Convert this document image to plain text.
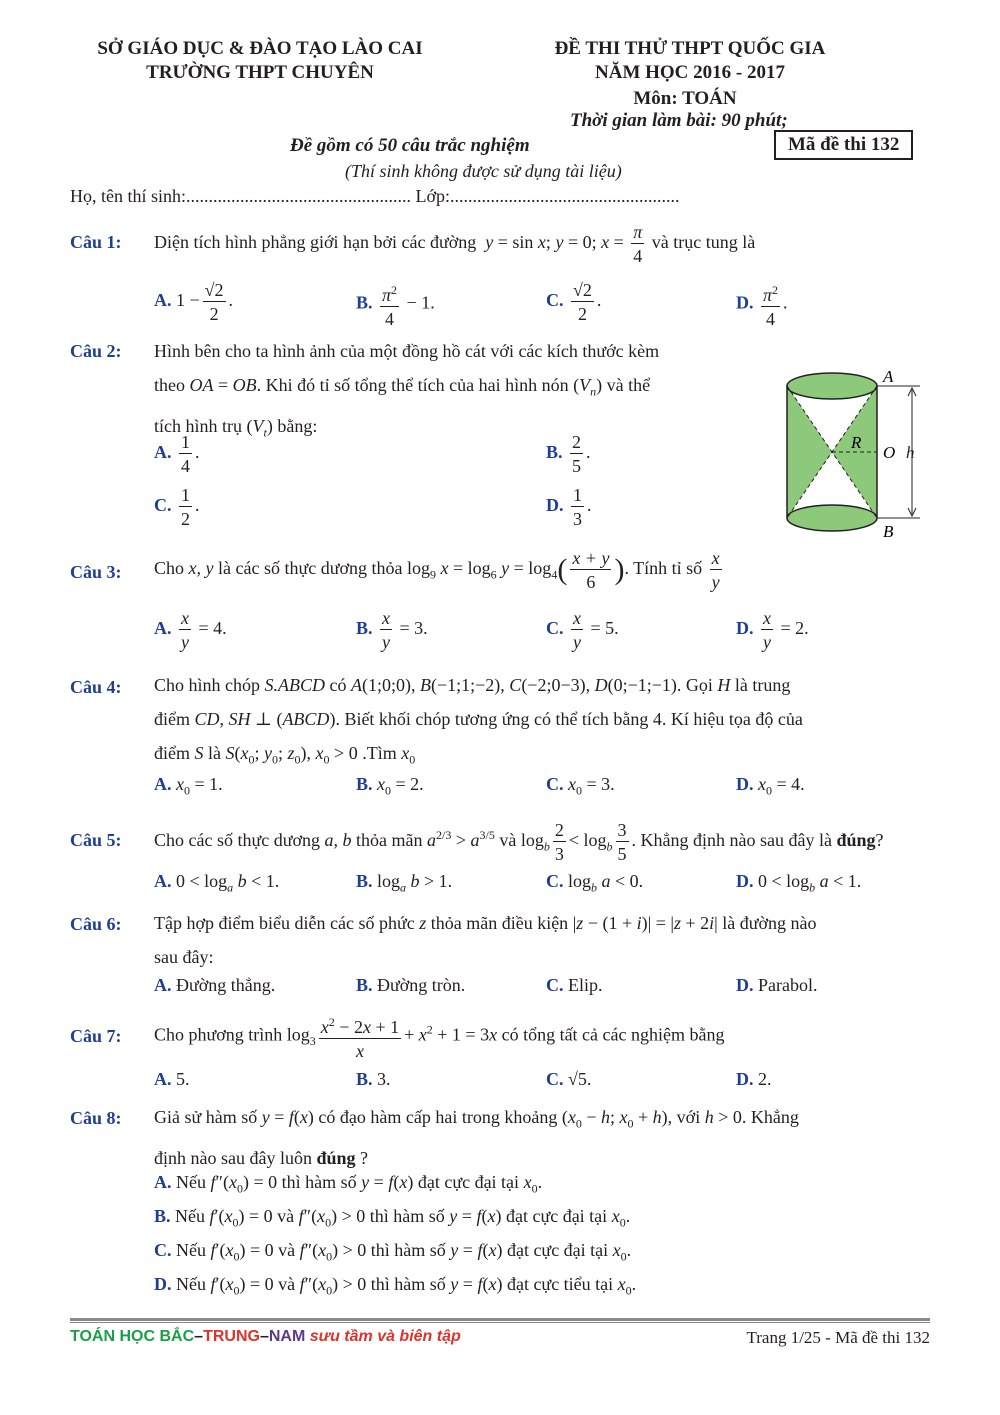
SỞ GIÁO DỤC & ĐÀO TẠO LÀO CAI
TRƯỜNG THPT CHUYÊN
ĐỀ THI THỬ THPT QUỐC GIA
NĂM HỌC 2016 - 2017
Môn: TOÁN
Thời gian làm bài: 90 phút;
Đề gồm có 50 câu trắc nghiệm	Mã đề thi 132
(Thí sinh không được sử dụng tài liệu)
Họ, tên thí sinh:.................................................. Lớp:...................................................
Câu 1: Diện tích hình phẳng giới hạn bởi các đường  y = sin x; y = 0; $x = \frac{\pi}{4}$ và trục tung là
A. $1 - \frac{√2}{2}$ .	B. $\frac{\pi^2}{4} - 1$.	C. $\frac{√2}{2}$ .	D. $\frac{\pi^2}{4}$ .
Câu 2: Hình bên cho ta hình ảnh của một đồng hồ cát với các kích thước kèm
theo OA = OB. Khi đó tỉ số tổng thể tích của hai hình nón $(V_n)$ và thể
tích hình trụ $(V_t)$ bằng:
A. $\frac{1}{4}$ .	B. $\frac{2}{5}$ .
C. $\frac{1}{2}$ .	D. $\frac{1}{3}$ .
A
B
R
O h
Câu 3: Cho x, y là các số thực dương thỏa $\log_9 x = \log_6 y = \log_4( \frac{x + y}{6}$ ). Tính tỉ số $\frac{x}{y}$
A. $\frac{x}{y} = 4$.	B. $\frac{x}{y} = 3$.	C. $\frac{x}{y} = 5$.	D. $\frac{x}{y} = 2$.
Câu 4: Cho hình chóp S.ABCD có A(1;0;0), B(−1;1;−2), C(−2;0−3), D(0;−1;−1). Gọi H là trung
điểm CD, SH ⊥ (ABCD). Biết khối chóp tương ứng có thể tích bằng 4. Kí hiệu tọa độ của
điểm S là $S(x_0$; $y_0$; $z_0$), $x_0 > 0$ .Tìm $x_0$
A. $x_0 = 1$.	B. $x_0 = 2$.	C. $x_0 = 3$.	D. $x_0 = 4$.
Câu 5: Cho các số thực dương a, b thỏa mãn $a^{2/3} > a^{3/5}$ và $\log_b \frac{2}{3} < \log_b \frac{3}{5}$ . Khẳng định nào sau đây là đúng?
A. $0 < \log_a b < 1$.	B. $\log_a b > 1$.	C. $\log_b a < 0$.	D. $0 < \log_b a < 1$.
Câu 6: Tập hợp điểm biểu diễn các số phức z thỏa mãn điều kiện |z − (1 + i)| = |z + 2i| là đường nào
sau đây:
A. Đường thẳng.	B. Đường tròn.	C. Elip.	D. Parabol.
Câu 7: Cho phương trình $\log_3 \frac{x^2 - 2x + 1}{x} + x^2 + 1 = 3x$ có tổng tất cả các nghiệm bằng
A. 5.	B. 3.	C. √5.	D. 2.
Câu 8: Giả sử hàm số y = f(x) có đạo hàm cấp hai trong khoảng ($x_0 - h$; $x_0 + h$), với h > 0. Khẳng
định nào sau đây luôn đúng ?
A. Nếu $f''(x_0) = 0$ thì hàm số y = f(x) đạt cực đại tại $x_0$.
B. Nếu $f'(x_0) = 0$ và $f''(x_0) > 0$ thì hàm số y = f(x) đạt cực đại tại $x_0$.
C. Nếu $f'(x_0) = 0$ và $f''(x_0) > 0$ thì hàm số y = f(x) đạt cực đại tại $x_0$.
D. Nếu $f'(x_0) = 0$ và $f''(x_0) > 0$ thì hàm số y = f(x) đạt cực tiểu tại $x_0$.
TOÁN HỌC BẮC–TRUNG–NAM sưu tầm và biên tập	Trang 1/25 - Mã đề thi 132
